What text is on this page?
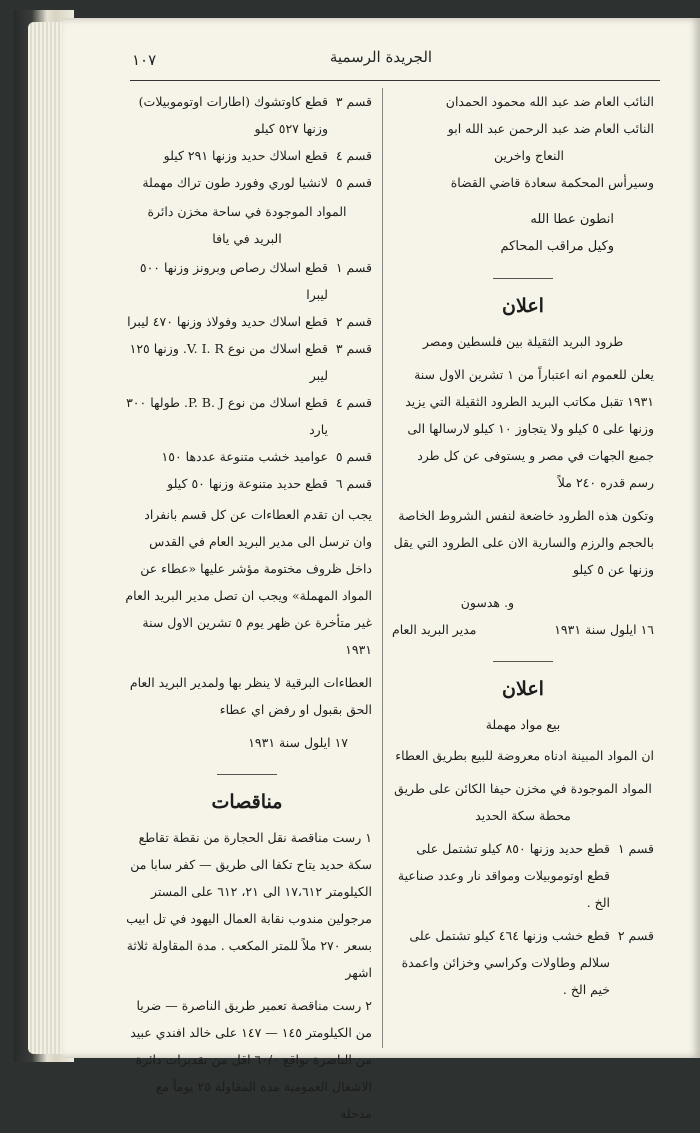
١٠٧	الجريدة الرسمية

النائب العام ضد عبد الله محمود الحمدان

النائب العام ضد عبد الرحمن عبد الله ابو

النعاج واخرين

وسيرأس المحكمة سعادة قاضي القضاة

انطون عطا الله

وكيل مراقب المحاكم

اعلان

طرود البريد الثقيلة بين فلسطين ومصر

يعلن للعموم انه اعتباراً من ١ تشرين الاول سنة ١٩٣١ تقبل مكاتب البريد الطرود الثقيلة التي يزيد وزنها على ٥ كيلو ولا يتجاوز ١٠ كيلو لارسالها الى جميع الجهات في مصر و يستوفى عن كل طرد رسم قدره ٢٤٠ ملاً

وتكون هذه الطرود خاضعة لنفس الشروط الخاصة بالحجم والرزم والسارية الان على الطرود التي يقل وزنها عن ٥ كيلو

و. هدسون

١٦ ايلول سنة ١٩٣١
مدير البريد العام
اعلان

بيع مواد مهملة

ان المواد المبينة ادناه معروضة للبيع بطريق العطاء

المواد الموجودة في مخزن حيفا الكائن على طريق محطة سكة الحديد

قسم ١
قطع حديد وزنها ٨٥٠ كيلو تشتمل على قطع اوتوموبيلات ومواقد نار وعدد صناعية الخ .
قسم ٢
قطع خشب وزنها ٤٦٤ كيلو تشتمل على سلالم وطاولات وكراسي وخزائن واعمدة خيم الخ .
قسم ٣
قطع كاوتشوك (اطارات اوتوموبيلات) وزنها ٥٢٧ كيلو
قسم ٤
قطع اسلاك حديد وزنها ٢٩١ كيلو
قسم ٥
لانشيا لوري وفورد طون تراك مهملة

المواد الموجودة في ساحة مخزن دائرة البريد في يافا

قسم ١
قطع اسلاك رصاص وبرونز وزنها ٥٠٠ ليبرا
قسم ٢
قطع اسلاك حديد وفولاذ وزنها ٤٧٠ ليبرا
قسم ٣
قطع اسلاك من نوع V. I. R. وزنها ١٢٥ ليبر
قسم ٤
قطع اسلاك من نوع P. B. J. طولها ٣٠٠ يارد
قسم ٥
عواميد خشب متنوعة عددها ١٥٠
قسم ٦
قطع حديد متنوعة وزنها ٥٠ كيلو

يجب ان تقدم العطاءات عن كل قسم بانفراد وان ترسل الى مدير البريد العام في القدس داخل ظروف مختومة مؤشر عليها «عطاء عن المواد المهملة» ويجب ان تصل مدير البريد العام غير متأخرة عن ظهر يوم ٥ تشرين الاول سنة ١٩٣١

العطاءات البرقية لا ينظر بها ولمدير البريد العام الحق بقبول او رفض اي عطاء

١٧ ايلول سنة ١٩٣١

مناقصات

١ رست مناقصة نقل الحجارة من نقطة تقاطع سكة حديد يتاح تكفا الى طريق — كفر سابا من الكيلومتر ١٧،٦١٢ الى ٢١، ٦١٢ على المستر مرجولين مندوب نقابة العمال اليهود في تل ابيب بسعر ٢٧٠ ملاً للمتر المكعب . مدة المقاولة ثلاثة اشهر

٢ رست مناقصة تعمير طريق الناصرة — ضريا من الكيلومتر ١٤٥ — ١٤٧ على خالد افندي عبيد من الناصرة بواقع ٦٠/٠ اقل من تقديرات دائرة الاشغال العمومية مدة المقاولة ٢٥ يوماً مع مدحلة
